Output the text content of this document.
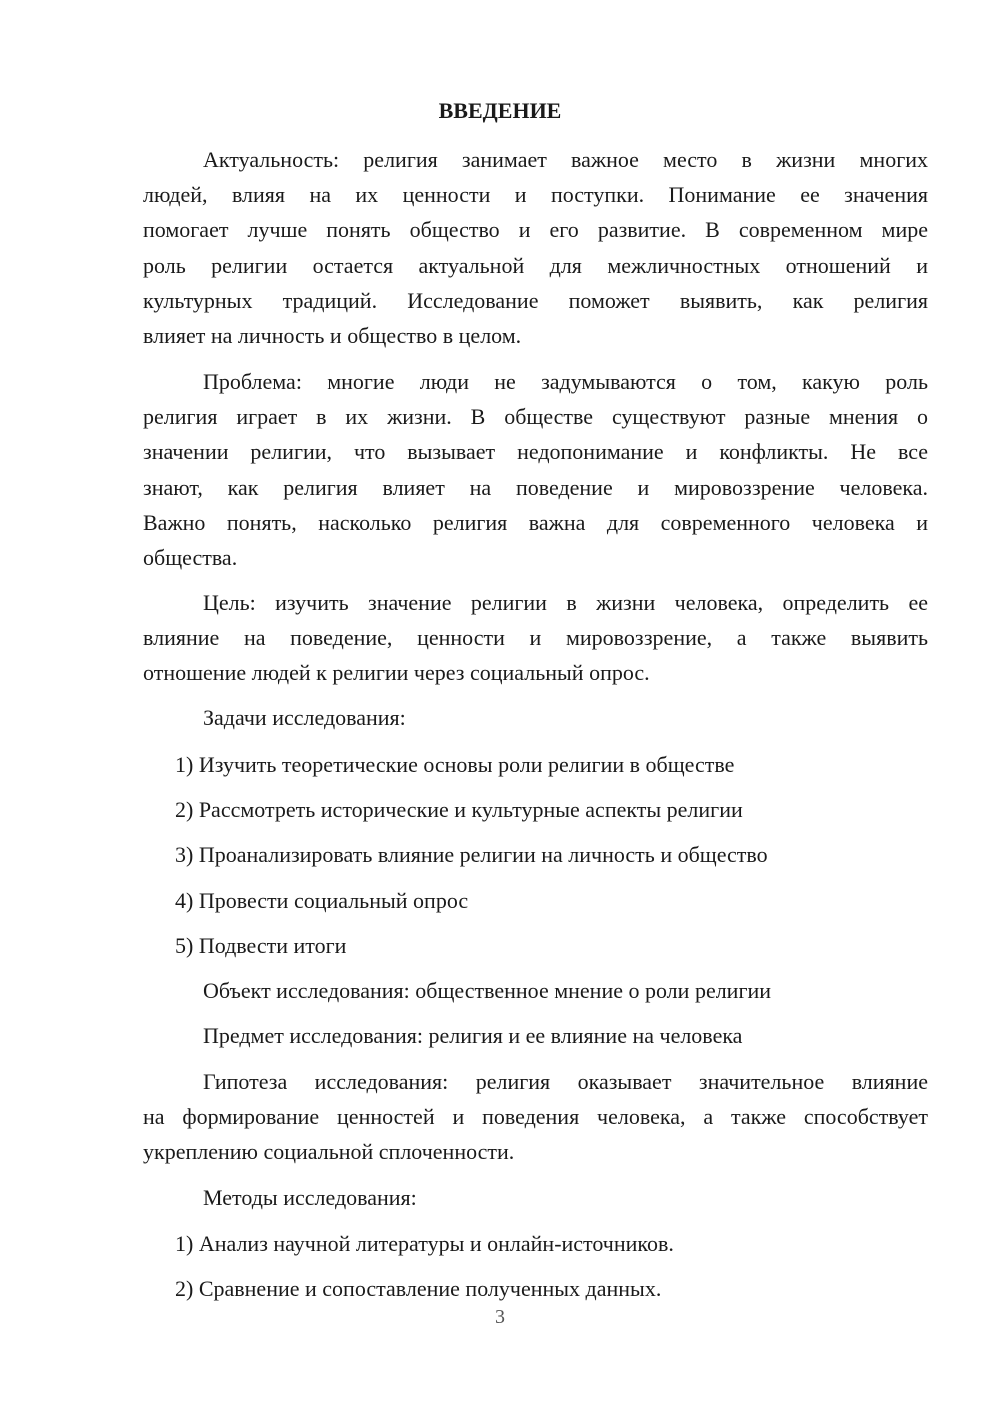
ВВЕДЕНИЕ
Актуальность: религия занимает важное место в жизни многих
людей, влияя на их ценности и поступки. Понимание ее значения
помогает лучше понять общество и его развитие. В современном мире
роль религии остается актуальной для межличностных отношений и
культурных традиций. Исследование поможет выявить, как религия
влияет на личность и общество в целом.
Проблема: многие люди не задумываются о том, какую роль
религия играет в их жизни. В обществе существуют разные мнения о
значении религии, что вызывает недопонимание и конфликты. Не все
знают, как религия влияет на поведение и мировоззрение человека.
Важно понять, насколько религия важна для современного человека и
общества.
Цель: изучить значение религии в жизни человека, определить ее
влияние на поведение, ценности и мировоззрение, а также выявить
отношение людей к религии через социальный опрос.
Задачи исследования:
1) Изучить теоретические основы роли религии в обществе
2) Рассмотреть исторические и культурные аспекты религии
3) Проанализировать влияние религии на личность и общество
4) Провести социальный опрос
5) Подвести итоги
Объект исследования: общественное мнение о роли религии
Предмет исследования: религия и ее влияние на человека
Гипотеза исследования: религия оказывает значительное влияние
на формирование ценностей и поведения человека, а также способствует
укреплению социальной сплоченности.
Методы исследования:
1) Анализ научной литературы и онлайн-источников.
2) Сравнение и сопоставление полученных данных.
3
